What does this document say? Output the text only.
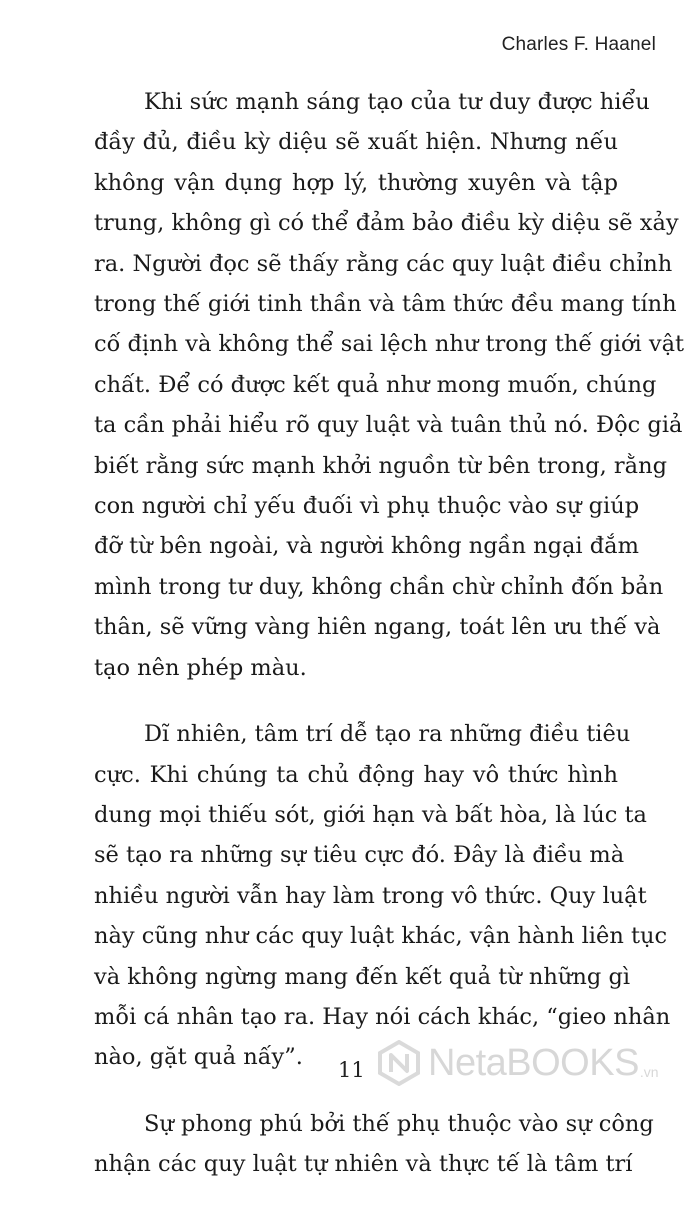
Charles F. Haanel

Khi sức mạnh sáng tạo của tư duy được hiểu
đầy đủ, điều kỳ diệu sẽ xuất hiện. Nhưng nếu
không vận dụng hợp lý, thường xuyên và tập
trung, không gì có thể đảm bảo điều kỳ diệu sẽ xảy
ra. Người đọc sẽ thấy rằng các quy luật điều chỉnh
trong thế giới tinh thần và tâm thức đều mang tính
cố định và không thể sai lệch như trong thế giới vật
chất. Để có được kết quả như mong muốn, chúng
ta cần phải hiểu rõ quy luật và tuân thủ nó. Độc giả
biết rằng sức mạnh khởi nguồn từ bên trong, rằng
con người chỉ yếu đuối vì phụ thuộc vào sự giúp
đỡ từ bên ngoài, và người không ngần ngại đắm
mình trong tư duy, không chần chừ chỉnh đốn bản
thân, sẽ vững vàng hiên ngang, toát lên ưu thế và
tạo nên phép màu.

Dĩ nhiên, tâm trí dễ tạo ra những điều tiêu
cực. Khi chúng ta chủ động hay vô thức hình
dung mọi thiếu sót, giới hạn và bất hòa, là lúc ta
sẽ tạo ra những sự tiêu cực đó. Đây là điều mà
nhiều người vẫn hay làm trong vô thức. Quy luật
này cũng như các quy luật khác, vận hành liên tục
và không ngừng mang đến kết quả từ những gì
mỗi cá nhân tạo ra. Hay nói cách khác, “gieo nhân
nào, gặt quả nấy”.

Sự phong phú bởi thế phụ thuộc vào sự công
nhận các quy luật tự nhiên và thực tế là tâm trí

11 NetaBOOKS .vn
